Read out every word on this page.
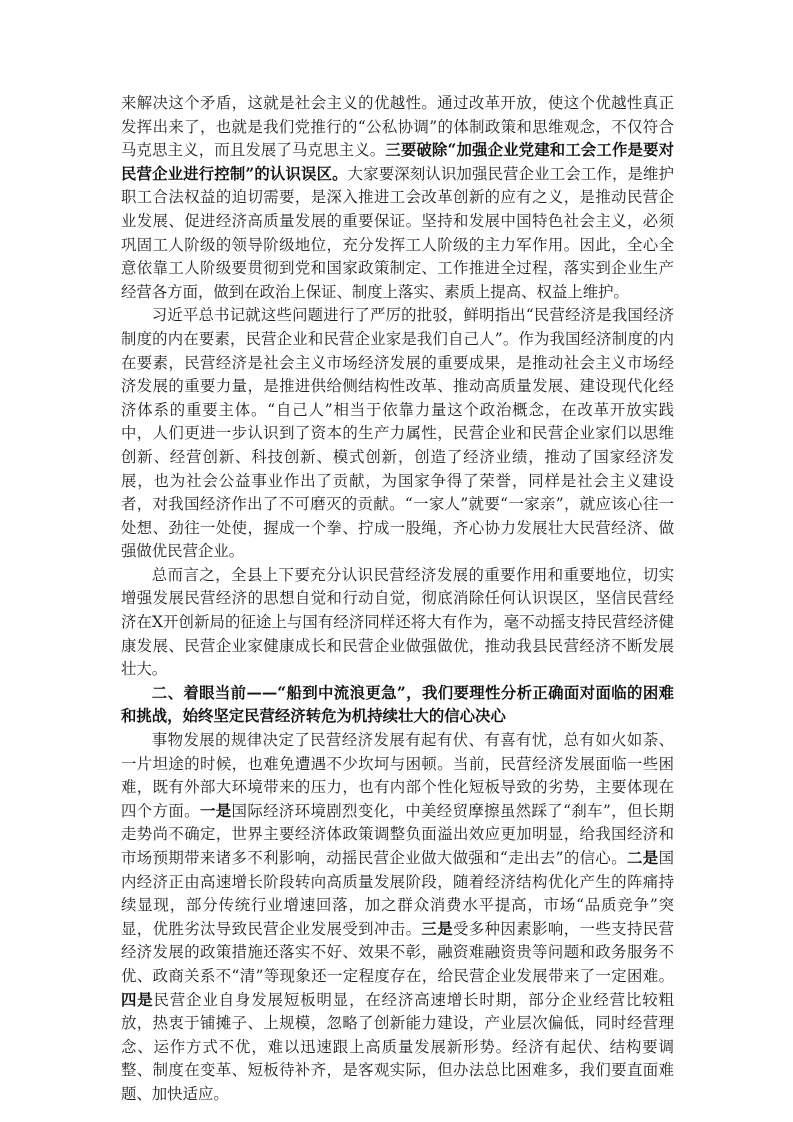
来解决这个矛盾，这就是社会主义的优越性。通过改革开放，使这个优越性真正发挥出来了，也就是我们党推行的“公私协调”的体制政策和思维观念，不仅符合马克思主义，而且发展了马克思主义。三要破除“加强企业党建和工会工作是要对民营企业进行控制”的认识误区。大家要深刻认识加强民营企业工会工作，是维护职工合法权益的迫切需要，是深入推进工会改革创新的应有之义，是推动民营企业发展、促进经济高质量发展的重要保证。坚持和发展中国特色社会主义，必须巩固工人阶级的领导阶级地位，充分发挥工人阶级的主力军作用。因此，全心全意依靠工人阶级要贯彻到党和国家政策制定、工作推进全过程，落实到企业生产经营各方面，做到在政治上保证、制度上落实、素质上提高、权益上维护。

习近平总书记就这些问题进行了严厉的批驳，鲜明指出“民营经济是我国经济制度的内在要素，民营企业和民营企业家是我们自己人”。作为我国经济制度的内在要素，民营经济是社会主义市场经济发展的重要成果，是推动社会主义市场经济发展的重要力量，是推进供给侧结构性改革、推动高质量发展、建设现代化经济体系的重要主体。“自己人”相当于依靠力量这个政治概念，在改革开放实践中，人们更进一步认识到了资本的生产力属性，民营企业和民营企业家们以思维创新、经营创新、科技创新、模式创新，创造了经济业绩，推动了国家经济发展，也为社会公益事业作出了贡献，为国家争得了荣誉，同样是社会主义建设者，对我国经济作出了不可磨灭的贡献。“一家人”就要“一家亲”，就应该心往一处想、劲往一处使，握成一个拳、拧成一股绳，齐心协力发展壮大民营经济、做强做优民营企业。

总而言之，全县上下要充分认识民营经济发展的重要作用和重要地位，切实增强发展民营经济的思想自觉和行动自觉，彻底消除任何认识误区，坚信民营经济在X开创新局的征途上与国有经济同样还将大有作为，毫不动摇支持民营经济健康发展、民营企业家健康成长和民营企业做强做优，推动我县民营经济不断发展壮大。

二、着眼当前——“船到中流浪更急”，我们要理性分析正确面对面临的困难和挑战，始终坚定民营经济转危为机持续壮大的信心决心

事物发展的规律决定了民营经济发展有起有伏、有喜有忧，总有如火如荼、一片坦途的时候，也难免遭遇不少坎坷与困顿。当前，民营经济发展面临一些困难，既有外部大环境带来的压力，也有内部个性化短板导致的劣势，主要体现在四个方面。一是国际经济环境剧烈变化，中美经贸摩擦虽然踩了“刹车”，但长期走势尚不确定，世界主要经济体政策调整负面溢出效应更加明显，给我国经济和市场预期带来诸多不利影响，动摇民营企业做大做强和“走出去”的信心。二是国内经济正由高速增长阶段转向高质量发展阶段，随着经济结构优化产生的阵痛持续显现，部分传统行业增速回落，加之群众消费水平提高，市场“品质竞争”突显，优胜劣汰导致民营企业发展受到冲击。三是受多种因素影响，一些支持民营经济发展的政策措施还落实不好、效果不彰，融资难融资贵等问题和政务服务不优、政商关系不“清”等现象还一定程度存在，给民营企业发展带来了一定困难。四是民营企业自身发展短板明显，在经济高速增长时期，部分企业经营比较粗放，热衷于铺摊子、上规模，忽略了创新能力建设，产业层次偏低，同时经营理念、运作方式不优，难以迅速跟上高质量发展新形势。经济有起伏、结构要调整、制度在变革、短板待补齐，是客观实际，但办法总比困难多，我们要直面难题、加快适应。
